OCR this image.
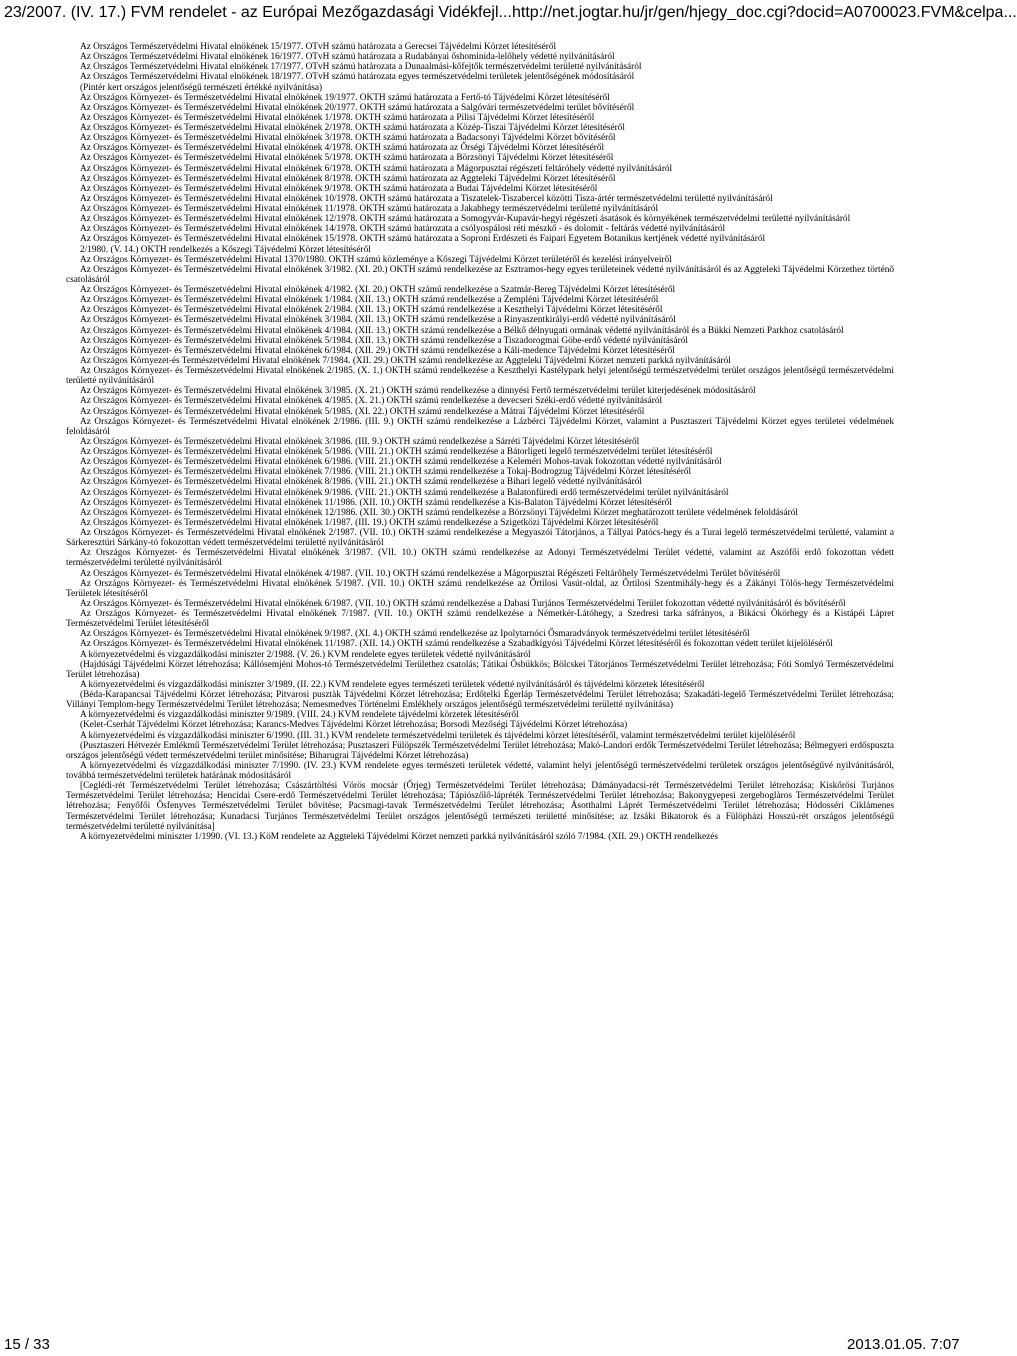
23/2007. (IV. 17.) FVM rendelet - az Európai Mezőgazdasági Vidékfejl... http://net.jogtar.hu/jr/gen/hjegy_doc.cgi?docid=A0700023.FVM&celpa...

Az Országos Természetvédelmi Hivatal elnökének 15/1977. OTvH számú határozata a Gerecsei Tájvédelmi Körzet létesítéséről

Az Országos Természetvédelmi Hivatal elnökének 16/1977. OTvH számú határozata a Rudabányai őshominida-lelőhely védetté nyilvánításáról

Az Országos Természetvédelmi Hivatal elnökének 17/1977. OTvH számú határozata a Dunaalmási-kőfejtők természetvédelmi területté nyilvánításáról

Az Országos Természetvédelmi Hivatal elnökének 18/1977. OTvH számú határozata egyes természetvédelmi területek jelentőségének módosításáról

(Pintér kert országos jelentőségű természeti értékké nyilvánítása)

Az Országos Környezet- és Természetvédelmi Hivatal elnökének 19/1977. OKTH számú határozata a Fertő-tó Tájvédelmi Körzet létesítéséről

Az Országos Környezet- és Természetvédelmi Hivatal elnökének 20/1977. OKTH számú határozata a Salgóvári természetvédelmi terület bővítéséről

Az Országos Környezet- és Természetvédelmi Hivatal elnökének 1/1978. OKTH számú határozata a Pilisi Tájvédelmi Körzet létesítéséről

Az Országos Környezet- és Természetvédelmi Hivatal elnökének 2/1978. OKTH számú határozata a Közép-Tiszai Tájvédelmi Körzet létesítéséről

Az Országos Környezet- és Természetvédelmi Hivatal elnökének 3/1978. OKTH számú határozata a Badacsonyi Tájvédelmi Körzet bővítéséről

Az Országos Környezet- és Természetvédelmi Hivatal elnökének 4/1978. OKTH számú határozata az Őrségi Tájvédelmi Körzet létesítéséről

Az Országos Környezet- és Természetvédelmi Hivatal elnökének 5/1978. OKTH számú határozata a Börzsönyi Tájvédelmi Körzet létesítéséről

Az Országos Környezet- és Természetvédelmi Hivatal elnökének 6/1978. OKTH számú határozata a Mágorpusztai régészeti feltáróhely védetté nyilvánításáról

Az Országos Környezet- és Természetvédelmi Hivatal elnökének 8/1978. OKTH számú határozata az Aggteleki Tájvédelmi Körzet létesítéséről

Az Országos Környezet- és Természetvédelmi Hivatal elnökének 9/1978. OKTH számú határozata a Budai Tájvédelmi Körzet létesítéséről

Az Országos Környezet- és Természetvédelmi Hivatal elnökének 10/1978. OKTH számú határozata a Tiszatelek-Tiszabercel közötti Tisza-ártér természetvédelmi területté nyilvánításáról

Az Országos Környezet- és Természetvédelmi Hivatal elnökének 11/1978. OKTH számú határozata a Jakabhegy természetvédelmi területté nyilvánításáról

Az Országos Környezet- és Természetvédelmi Hivatal elnökének 12/1978. OKTH számú határozata a Somogyvár-Kupavár-hegyi régészeti ásatások és környékének természetvédelmi területté nyilvánításáról

Az Országos Környezet- és Természetvédelmi Hivatal elnökének 14/1978. OKTH számú határozata a csólyospálosi réti mészkő - és dolomit - feltárás védetté nyilvánításáról

Az Országos Környezet- és Természetvédelmi Hivatal elnökének 15/1978. OKTH számú határozata a Soproni Erdészeti és Faipari Egyetem Botanikus kertjének védetté nyilvánításáról

2/1980. (V. 14.) OKTH rendelkezés a Kőszegi Tájvédelmi Körzet létesítéséről

Az Országos Környezet- és Természetvédelmi Hivatal 1370/1980. OKTH számú közleménye a Kőszegi Tájvédelmi Körzet területéről és kezelési irányelveiről

Az Országos Környezet- és Természetvédelmi Hivatal elnökének 3/1982. (XI. 20.) OKTH számú rendelkezése az Esztramos-hegy egyes területeinek védetté nyilvánításáról és az Aggteleki Tájvédelmi Körzethez történő csatolásáról

Az Országos Környezet- és Természetvédelmi Hivatal elnökének 4/1982. (XI. 20.) OKTH számú rendelkezése a Szatmár-Bereg Tájvédelmi Körzet létesítéséről

Az Országos Környezet- és Természetvédelmi Hivatal elnökének 1/1984. (XII. 13.) OKTH számú rendelkezése a Zempléni Tájvédelmi Körzet létesítéséről

Az Országos Környezet- és Természetvédelmi Hivatal elnökének 2/1984. (XII. 13.) OKTH számú rendelkezése a Keszthelyi Tájvédelmi Körzet létesítéséről

Az Országos Környezet- és Természetvédelmi Hivatal elnökének 3/1984. (XII. 13.) OKTH számú rendelkezése a Rinyaszentkirályi-erdő védetté nyilvánításáról

Az Országos Környezet- és Természetvédelmi Hivatal elnökének 4/1984. (XII. 13.) OKTH számú rendelkezése a Bélkő délnyugati ormának védetté nyilvánításáról és a Bükki Nemzeti Parkhoz csatolásáról

Az Országos Környezet- és Természetvédelmi Hivatal elnökének 5/1984. (XII. 13.) OKTH számú rendelkezése a Tiszadorogmai Göbe-erdő védetté nyilvánításáról

Az Országos Környezet- és Természetvédelmi Hivatal elnökének 6/1984. (XII. 29.) OKTH számú rendelkezése a Káli-medence Tájvédelmi Körzet létesítéséről

Az Országos Környezet-és Természetvédelmi Hivatal elnökének 7/1984. (XII. 29.) OKTH számú rendelkezése az Aggteleki Tájvédelmi Körzet nemzeti parkká nyilvánításáról

Az Országos Környezet- és Természetvédelmi Hivatal elnökének 2/1985. (X. 1.) OKTH számú rendelkezése a Keszthelyi Kastélypark helyi jelentőségű természetvédelmi terület országos jelentőségű természetvédelmi területté nyilvánításáról

Az Országos Környezet- és Természetvédelmi Hivatal elnökének 3/1985. (X. 21.) OKTH számú rendelkezése a dinnyési Fertő természetvédelmi terület kiterjedésének módosításáról

Az Országos Környezet- és Természetvédelmi Hivatal elnökének 4/1985. (X. 21.) OKTH számú rendelkezése a devecseri Széki-erdő védetté nyilvánításáról

Az Országos Környezet- és Természetvédelmi Hivatal elnökének 5/1985. (XI. 22.) OKTH számú rendelkezése a Mátrai Tájvédelmi Körzet létesítéséről

Az Országos Környezet- és Természetvédelmi Hivatal elnökének 2/1986. (III. 9.) OKTH számú rendelkezése a Lázbérci Tájvédelmi Körzet, valamint a Pusztaszeri Tájvédelmi Körzet egyes területei védelmének feloldásáról

Az Országos Környezet- és Természetvédelmi Hivatal elnökének 3/1986. (III. 9.) OKTH számú rendelkezése a Sárréti Tájvédelmi Körzet létesítéséről

Az Országos Környezet- és Természetvédelmi Hivatal elnökének 5/1986. (VIII. 21.) OKTH számú rendelkezése a Bátorligeti legelő természetvédelmi terület létesítéséről

Az Országos Környezet- és Természetvédelmi Hivatal elnökének 6/1986. (VIII. 21.) OKTH számú rendelkezése a Keleméri Mohos-tavak fokozottan védetté nyilvánításáról

Az Országos Környezet- és Természetvédelmi Hivatal elnökének 7/1986. (VIII. 21.) OKTH számú rendelkezése a Tokaj-Bodrogzug Tájvédelmi Körzet létesítéséről

Az Országos Környezet- és Természetvédelmi Hivatal elnökének 8/1986. (VIII. 21.) OKTH számú rendelkezése a Bihari legelő védetté nyilvánításáról

Az Országos Környezet- és Természetvédelmi Hivatal elnökének 9/1986. (VIII. 21.) OKTH számú rendelkezése a Balatonfüredi erdő természetvédelmi terület nyilvánításáról

Az Országos Környezet- és Természetvédelmi Hivatal elnökének 11/1986. (XII. 10.) OKTH számú rendelkezése a Kis-Balaton Tájvédelmi Körzet létesítéséről

Az Országos Környezet- és Természetvédelmi Hivatal elnökének 12/1986. (XII. 30.) OKTH számú rendelkezése a Börzsönyi Tájvédelmi Körzet meghatározott területe védelmének feloldásáról

Az Országos Környezet- és Természetvédelmi Hivatal elnökének 1/1987. (III. 19.) OKTH számú rendelkezése a Szigetközi Tájvédelmi Körzet létesítéséről

Az Országos Környezet- és Természetvédelmi Hivatal elnökének 2/1987. (VII. 10.) OKTH számú rendelkezése a Megyaszói Tátorjános, a Tállyai Patócs-hegy és a Turai legelő természetvédelmi területté, valamint a Sárkeresztúri Sárkány-tó fokozottan védett természetvédelmi területté nyilvánításáról

Az Országos Környezet- és Természetvédelmi Hivatal elnökének 3/1987. (VII. 10.) OKTH számú rendelkezése az Adonyi Természetvédelmi Terület védetté, valamint az Aszófői erdő fokozottan védett természetvédelmi területté nyilvánításáról

Az Országos Környezet- és Természetvédelmi Hivatal elnökének 4/1987. (VII. 10.) OKTH számú rendelkezése a Mágorpusztai Régészeti Feltárőhely Természetvédelmi Terület bővítéséről

Az Országos Környezet- és Természetvédelmi Hivatal elnökének 5/1987. (VII. 10.) OKTH számú rendelkezése az Őrtilosi Vasút-oldal, az Őrtilosi Szentmihály-hegy és a Zákányi Tölös-hegy Természetvédelmi Területek létesítéséről

Az Országos Környezet- és Természetvédelmi Hivatal elnökének 6/1987. (VII. 10.) OKTH számú rendelkezése a Dabasi Turjános Természetvédelmi Terület fokozottan védetté nyilvánításáról és bővítéséről

Az Országos Környezet- és Természetvédelmi Hivatal elnökének 7/1987. (VII. 10.) OKTH számú rendelkezése a Németkér-Látóhegy, a Szedresi tarka sáfrányos, a Bikácsi Ökörhegy és a Kistápéi Lápret Természetvédelmi Terület létesítéséről

Az Országos Környezet- és Természetvédelmi Hivatal elnökének 9/1987. (XI. 4.) OKTH számú rendelkezése az Ipolytarnóci Ősmaradványok természetvédelmi terület létesítéséről

Az Országos Környezet- és Természetvédelmi Hivatal elnökének 11/1987. (XII. 14.) OKTH számú rendelkezése a Szabadkígyósi Tájvédelmi Körzet létesítéséről és fokozottan védett terület kijelöléséről

A környezetvédelmi és vízgazdálkodási miniszter 2/1988. (V. 26.) KVM rendelete egyes területek védetté nyilvánításáról

(Hajdúsági Tájvédelmi Körzet létrehozása; Kállósemjéni Mohos-tó Természetvédelmi Területhez csatolás; Tátikai Ősbükkös; Bölcskei Tátorjános Természetvédelmi Terület létrehozása; Fóti Somlyó Természetvédelmi Terület létrehozása)

A környezetvédelmi és vízgazdálkodási miniszter 3/1989. (II. 22.) KVM rendelete egyes természeti területek védetté nyilvánításáról és tájvédelmi körzetek létesítéséről

(Béda-Karapancsai Tájvédelmi Körzet létrehozása; Pitvarosi pusztàk Tájvédelmi Körzet létrehozása; Erdőtelki Égerláp Természetvédelmi Terület létrehozása; Szakadáti-legelő Természetvédelmi Terület létrehozása; Villányi Templom-hegy Természetvédelmi Terület létrehozása; Nemesmedves Történelmi Emlékhely országos jelentőségű természetvédelmi területté nyilvánítása)

A környezetvédelmi és vízgazdálkodási miniszter 9/1989. (VIII. 24.) KVM rendelete tájvédelmi körzetek létesítéséről

(Kelet-Cserhát Tájvédelmi Körzet létrehozása; Karancs-Medves Tájvédelmi Körzet létrehozása; Borsodi Mezőségi Tájvédelmi Körzet létrehozása)

A környezetvédelmi és vízgazdálkodási miniszter 6/1990. (III. 31.) KVM rendelete természetvédelmi területek és tájvédelmi körzet létesítéséről, valamint természetvédelmi terület kijelöléséről

(Pusztaszeri Hétvezér Emlékmű Természetvédelmi Terület létrehozása; Pusztaszeri Fülöpszék Természetvédelmi Terület létrehozása; Makó-Landori erdők Természetvédelmi Terület létrehozása; Bélmegyeri erdőspuszta országos jelentőségű védett természetvédelmi terület minősítése; Biharugrai Tájvédelmi Körzet létrehozása)

A környezetvédelmi és vízgazdálkodási miniszter 7/1990. (IV. 23.) KVM rendelete egyes természeti területek védetté, valamint helyi jelentőségű természetvédelmi területek országos jelentőségűvé nyilvánításáról, továbbá természetvédelmi területek határának módosításáról

[Ceglédi-rét Természetvédelmi Terület létrehozása; Császártöltési Vörös mocsár (Őrjeg) Természetvédelmi Terület létrehozása; Dámányadacsi-rét Természetvédelmi Terület létrehozása; Kiskőrösi Turjános Természetvédelmi Terület létrehozása; Hencidai Csere-erdő Természetvédelmi Terület létrehozása; Tápiószőlő-lápréték Természetvédelmi Terület létrehozása; Bakonygyepesi zergeboglàros Természetvédelmi Terület létrehozása; Fenyőfői Ősfenyves Természetvédelmi Terület bővítése; Pacsmagi-tavak Természetvédelmi Terület létrehozása; Ásotthalmi Láprét Természetvédelmi Terület létrehozása; Hódosséri Ciklámenes Természetvédelmi Terület létrehozása; Kunadacsi Turjános Természetvédelmi Terület országos jelentőségű természeti területté minősítése; az Izsáki Bikatorok és a Fülöpházi Hosszú-rét országos jelentőségű természetvédelmi területté nyilvánítása]

A környezetvédelmi miniszter 1/1990. (VI. 13.) KöM rendelete az Aggteleki Tájvédelmi Körzet nemzeti parkká nyilvánításáról szóló 7/1984. (XII. 29.) OKTH rendelkezés

15 / 33	2013.01.05. 7:07
